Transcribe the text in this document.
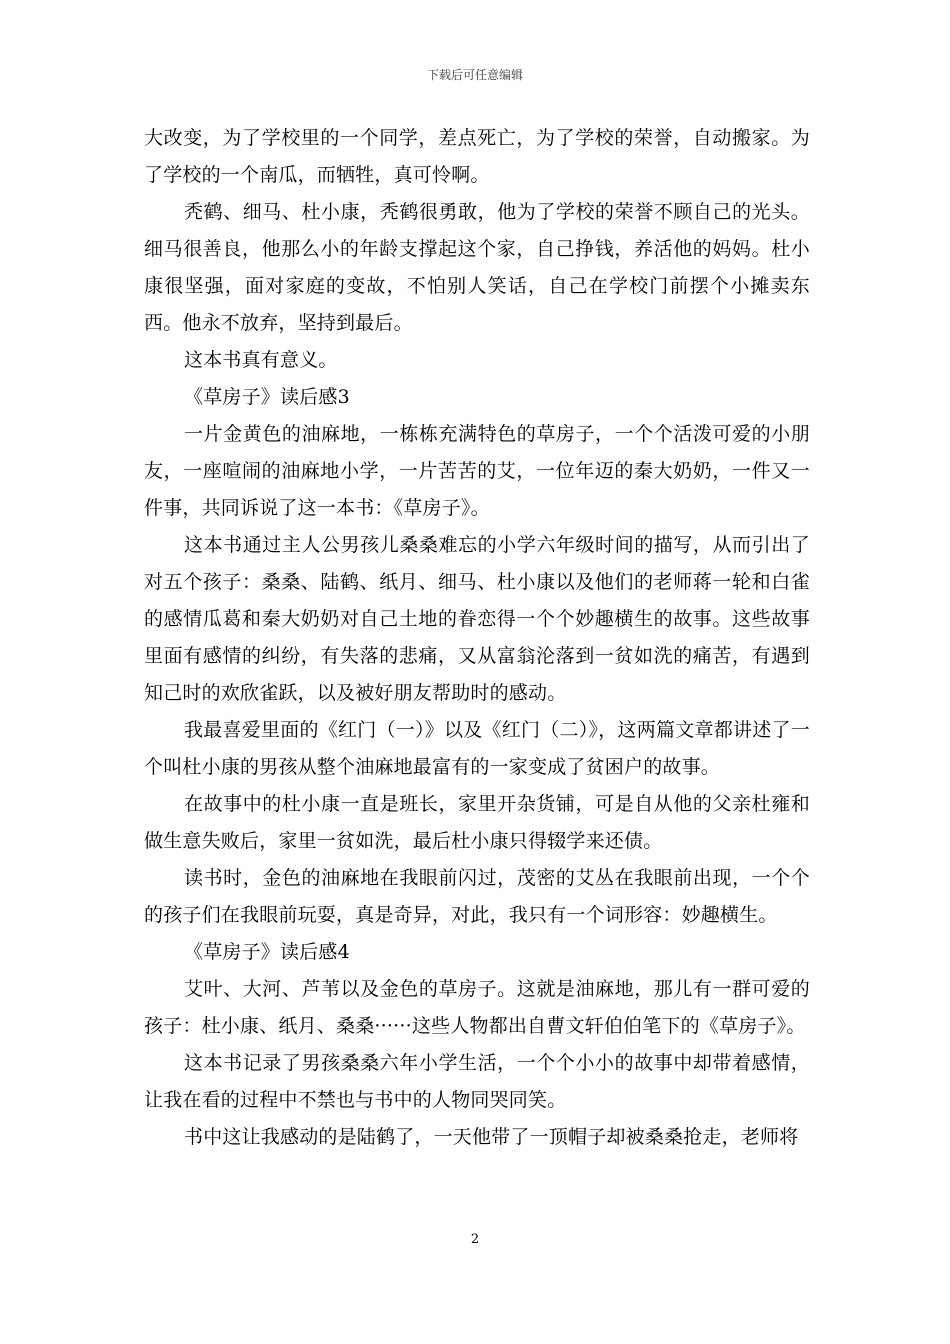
下载后可任意编辑

大改变，为了学校里的一个同学，差点死亡，为了学校的荣誉，自动搬家。为了学校的一个南瓜，而牺牲，真可怜啊。

秃鹤、细马、杜小康，秃鹤很勇敢，他为了学校的荣誉不顾自己的光头。细马很善良，他那么小的年龄支撑起这个家，自己挣钱，养活他的妈妈。杜小康很坚强，面对家庭的变故，不怕别人笑话，自己在学校门前摆个小摊卖东西。他永不放弃，坚持到最后。

这本书真有意义。

《草房子》读后感3

一片金黄色的油麻地，一栋栋充满特色的草房子，一个个活泼可爱的小朋友，一座喧闹的油麻地小学，一片苦苦的艾，一位年迈的秦大奶奶，一件又一件事，共同诉说了这一本书：《草房子》。

这本书通过主人公男孩儿桑桑难忘的小学六年级时间的描写，从而引出了对五个孩子：桑桑、陆鹤、纸月、细马、杜小康以及他们的老师蒋一轮和白雀的感情瓜葛和秦大奶奶对自己土地的眷恋得一个个妙趣横生的故事。这些故事里面有感情的纠纷，有失落的悲痛，又从富翁沦落到一贫如洗的痛苦，有遇到知己时的欢欣雀跃，以及被好朋友帮助时的感动。

我最喜爱里面的《红门（一）》以及《红门（二）》，这两篇文章都讲述了一个叫杜小康的男孩从整个油麻地最富有的一家变成了贫困户的故事。

在故事中的杜小康一直是班长，家里开杂货铺，可是自从他的父亲杜雍和做生意失败后，家里一贫如洗，最后杜小康只得辍学来还债。

读书时，金色的油麻地在我眼前闪过，茂密的艾丛在我眼前出现，一个个的孩子们在我眼前玩耍，真是奇异，对此，我只有一个词形容：妙趣横生。

《草房子》读后感4

艾叶、大河、芦苇以及金色的草房子。这就是油麻地，那儿有一群可爱的孩子：杜小康、纸月、桑桑······这些人物都出自曹文轩伯伯笔下的《草房子》。

这本书记录了男孩桑桑六年小学生活，一个个小小的故事中却带着感情，让我在看的过程中不禁也与书中的人物同哭同笑。

书中这让我感动的是陆鹤了，一天他带了一顶帽子却被桑桑抢走，老师将

2
